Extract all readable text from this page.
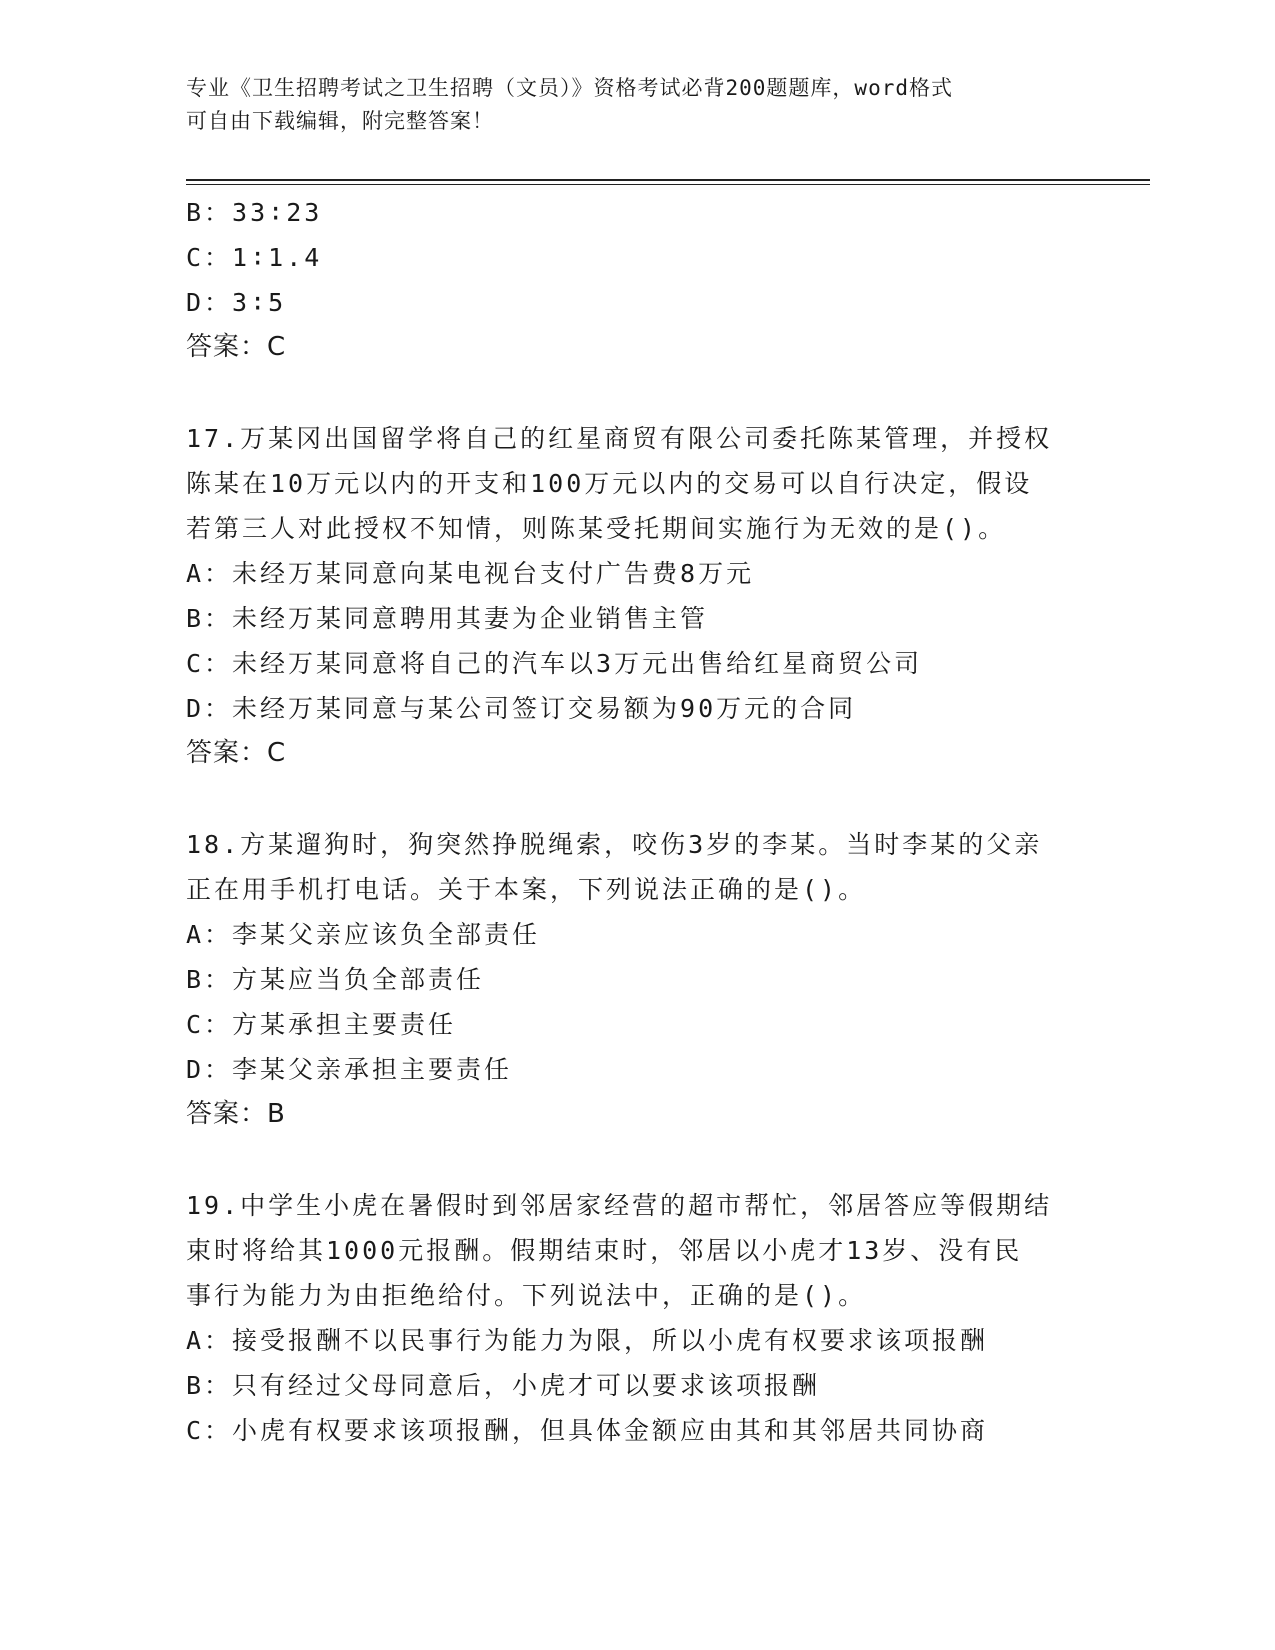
专业《卫生招聘考试之卫生招聘（文员）》资格考试必背200题题库，word格式
可自由下载编辑，附完整答案！
B：33∶23
C：1∶1.4
D：3∶5
答案：C
17.万某冈出国留学将自己的红星商贸有限公司委托陈某管理，并授权
陈某在10万元以内的开支和100万元以内的交易可以自行决定，假设
若第三人对此授权不知情，则陈某受托期间实施行为无效的是()。
A：未经万某同意向某电视台支付广告费8万元
B：未经万某同意聘用其妻为企业销售主管
C：未经万某同意将自己的汽车以3万元出售给红星商贸公司
D：未经万某同意与某公司签订交易额为90万元的合同
答案：C
18.方某遛狗时，狗突然挣脱绳索，咬伤3岁的李某。当时李某的父亲
正在用手机打电话。关于本案，下列说法正确的是()。
A：李某父亲应该负全部责任
B：方某应当负全部责任
C：方某承担主要责任
D：李某父亲承担主要责任
答案：B
19.中学生小虎在暑假时到邻居家经营的超市帮忙，邻居答应等假期结
束时将给其1000元报酬。假期结束时，邻居以小虎才13岁、没有民
事行为能力为由拒绝给付。下列说法中，正确的是()。
A：接受报酬不以民事行为能力为限，所以小虎有权要求该项报酬
B：只有经过父母同意后，小虎才可以要求该项报酬
C：小虎有权要求该项报酬，但具体金额应由其和其邻居共同协商
